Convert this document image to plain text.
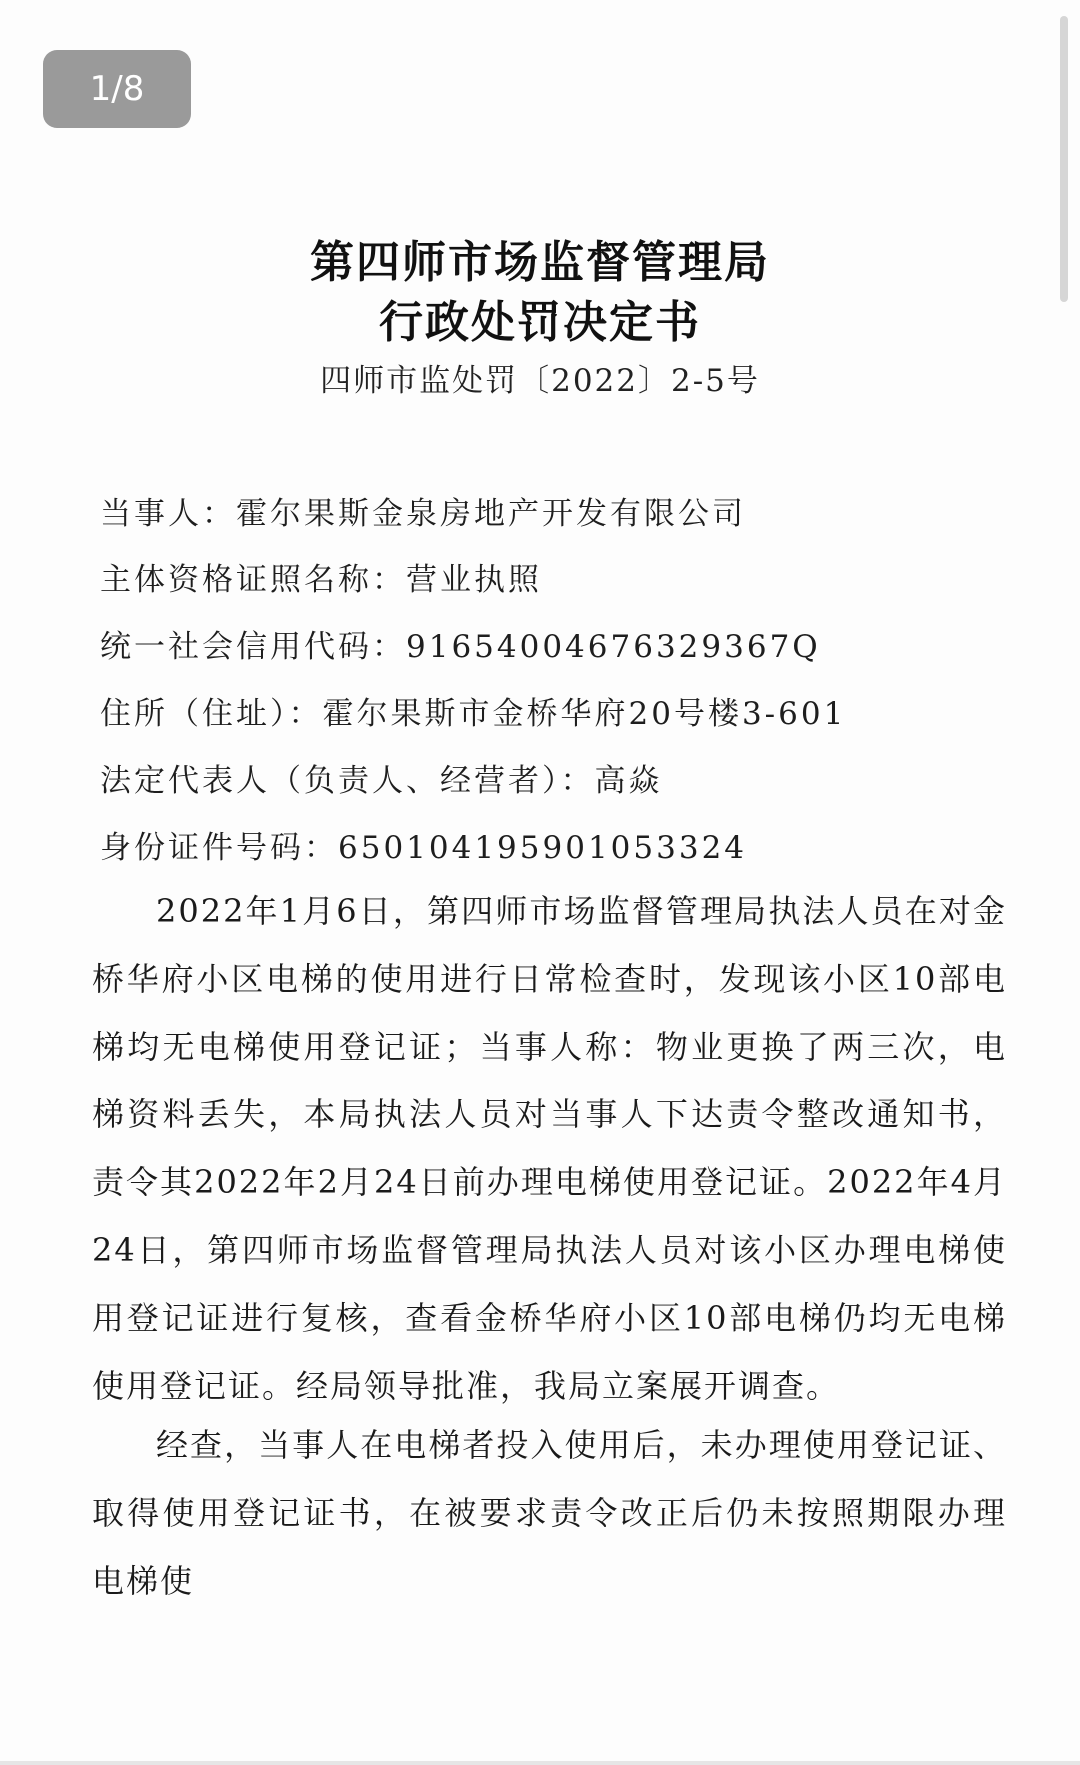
1/8
第四师市场监督管理局
行政处罚决定书
四师市监处罚〔2022〕2-5号
当事人：霍尔果斯金泉房地产开发有限公司
主体资格证照名称：营业执照
统一社会信用代码：91654004676329367Q
住所（住址）：霍尔果斯市金桥华府20号楼3-601
法定代表人（负责人、经营者）：高焱
身份证件号码：650104195901053324
2022年1月6日，第四师市场监督管理局执法人员在对金桥华府小区电梯的使用进行日常检查时，发现该小区10部电梯均无电梯使用登记证；当事人称：物业更换了两三次，电梯资料丢失，本局执法人员对当事人下达责令整改通知书，责令其2022年2月24日前办理电梯使用登记证。2022年4月24日，第四师市场监督管理局执法人员对该小区办理电梯使用登记证进行复核，查看金桥华府小区10部电梯仍均无电梯使用登记证。经局领导批准，我局立案展开调查。
经查，当事人在电梯者投入使用后，未办理使用登记证、取得使用登记证书，在被要求责令改正后仍未按照期限办理电梯使
